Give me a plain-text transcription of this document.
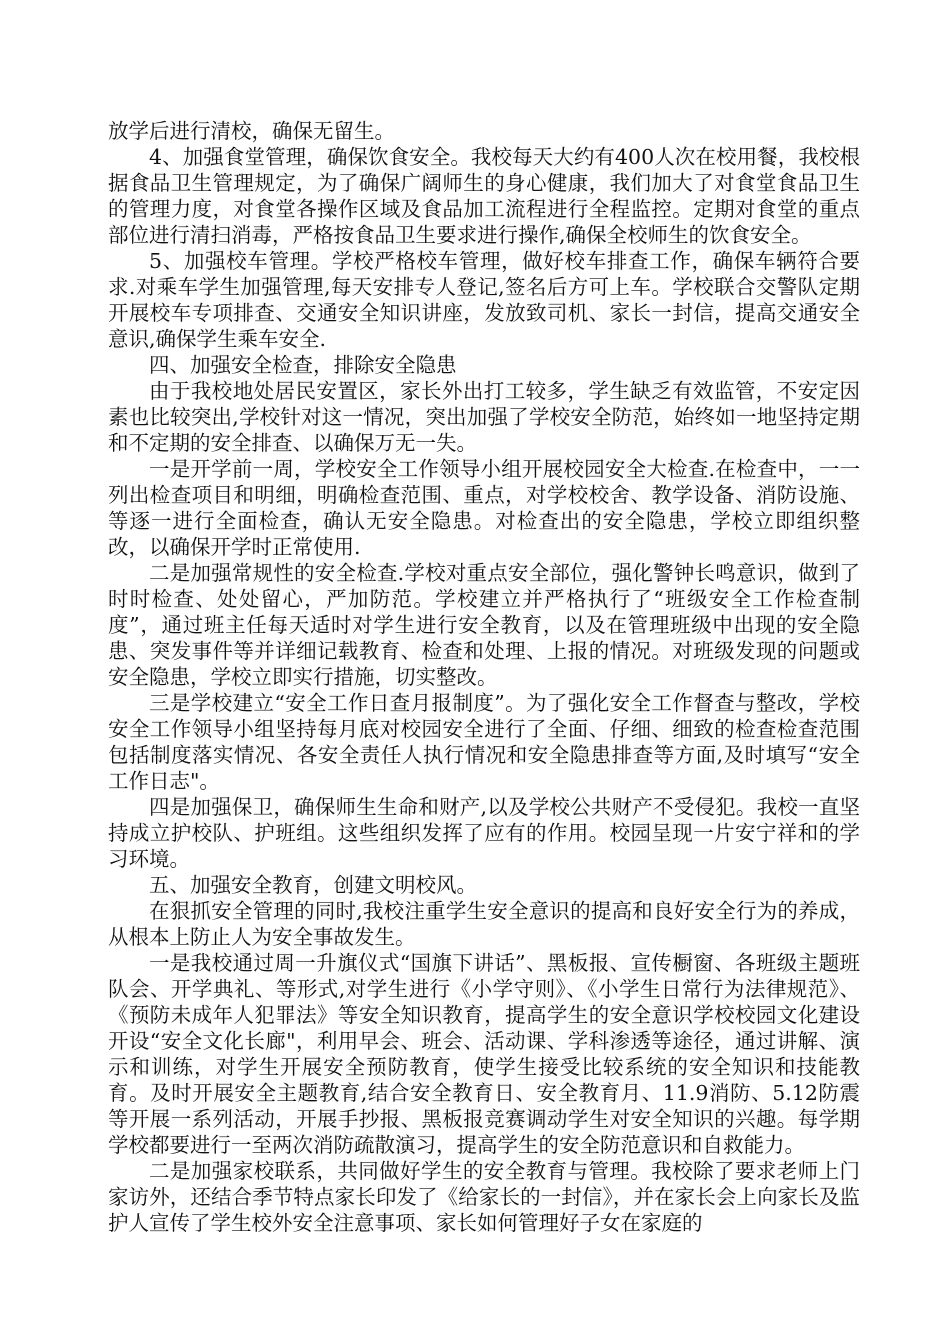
放学后进行清校，确保无留生。

4、加强食堂管理，确保饮食安全。我校每天大约有400人次在校用餐，我校根据食品卫生管理规定，为了确保广阔师生的身心健康，我们加大了对食堂食品卫生的管理力度，对食堂各操作区域及食品加工流程进行全程监控。定期对食堂的重点部位进行清扫消毒，严格按食品卫生要求进行操作,确保全校师生的饮食安全。

5、加强校车管理。学校严格校车管理，做好校车排查工作，确保车辆符合要求.对乘车学生加强管理,每天安排专人登记,签名后方可上车。学校联合交警队定期开展校车专项排查、交通安全知识讲座，发放致司机、家长一封信，提高交通安全意识,确保学生乘车安全.

四、加强安全检查，排除安全隐患

由于我校地处居民安置区，家长外出打工较多，学生缺乏有效监管，不安定因素也比较突出,学校针对这一情况，突出加强了学校安全防范，始终如一地坚持定期和不定期的安全排查、以确保万无一失。

一是开学前一周，学校安全工作领导小组开展校园安全大检查.在检查中，一一列出检查项目和明细，明确检查范围、重点，对学校校舍、教学设备、消防设施、等逐一进行全面检查，确认无安全隐患。对检查出的安全隐患，学校立即组织整改，以确保开学时正常使用.

二是加强常规性的安全检查.学校对重点安全部位，强化警钟长鸣意识，做到了时时检查、处处留心，严加防范。学校建立并严格执行了“班级安全工作检查制度”，通过班主任每天适时对学生进行安全教育，以及在管理班级中出现的安全隐患、突发事件等并详细记载教育、检查和处理、上报的情况。对班级发现的问题或安全隐患，学校立即实行措施，切实整改。

三是学校建立“安全工作日查月报制度”。为了强化安全工作督查与整改，学校安全工作领导小组坚持每月底对校园安全进行了全面、仔细、细致的检查检查范围包括制度落实情况、各安全责任人执行情况和安全隐患排查等方面,及时填写“安全工作日志"。

四是加强保卫，确保师生生命和财产,以及学校公共财产不受侵犯。我校一直坚持成立护校队、护班组。这些组织发挥了应有的作用。校园呈现一片安宁祥和的学习环境。

五、加强安全教育，创建文明校风。

在狠抓安全管理的同时,我校注重学生安全意识的提高和良好安全行为的养成，从根本上防止人为安全事故发生。

一是我校通过周一升旗仪式“国旗下讲话”、黑板报、宣传橱窗、各班级主题班队会、开学典礼、等形式,对学生进行《小学守则》、《小学生日常行为法律规范》、《预防未成年人犯罪法》等安全知识教育，提高学生的安全意识学校校园文化建设开设“安全文化长廊"，利用早会、班会、活动课、学科渗透等途径，通过讲解、演示和训练，对学生开展安全预防教育，使学生接受比较系统的安全知识和技能教育。及时开展安全主题教育,结合安全教育日、安全教育月、11.9消防、5.12防震等开展一系列活动，开展手抄报、黑板报竞赛调动学生对安全知识的兴趣。每学期学校都要进行一至两次消防疏散演习，提高学生的安全防范意识和自救能力。

二是加强家校联系，共同做好学生的安全教育与管理。我校除了要求老师上门家访外，还结合季节特点家长印发了《给家长的一封信》，并在家长会上向家长及监护人宣传了学生校外安全注意事项、家长如何管理好子女在家庭的
